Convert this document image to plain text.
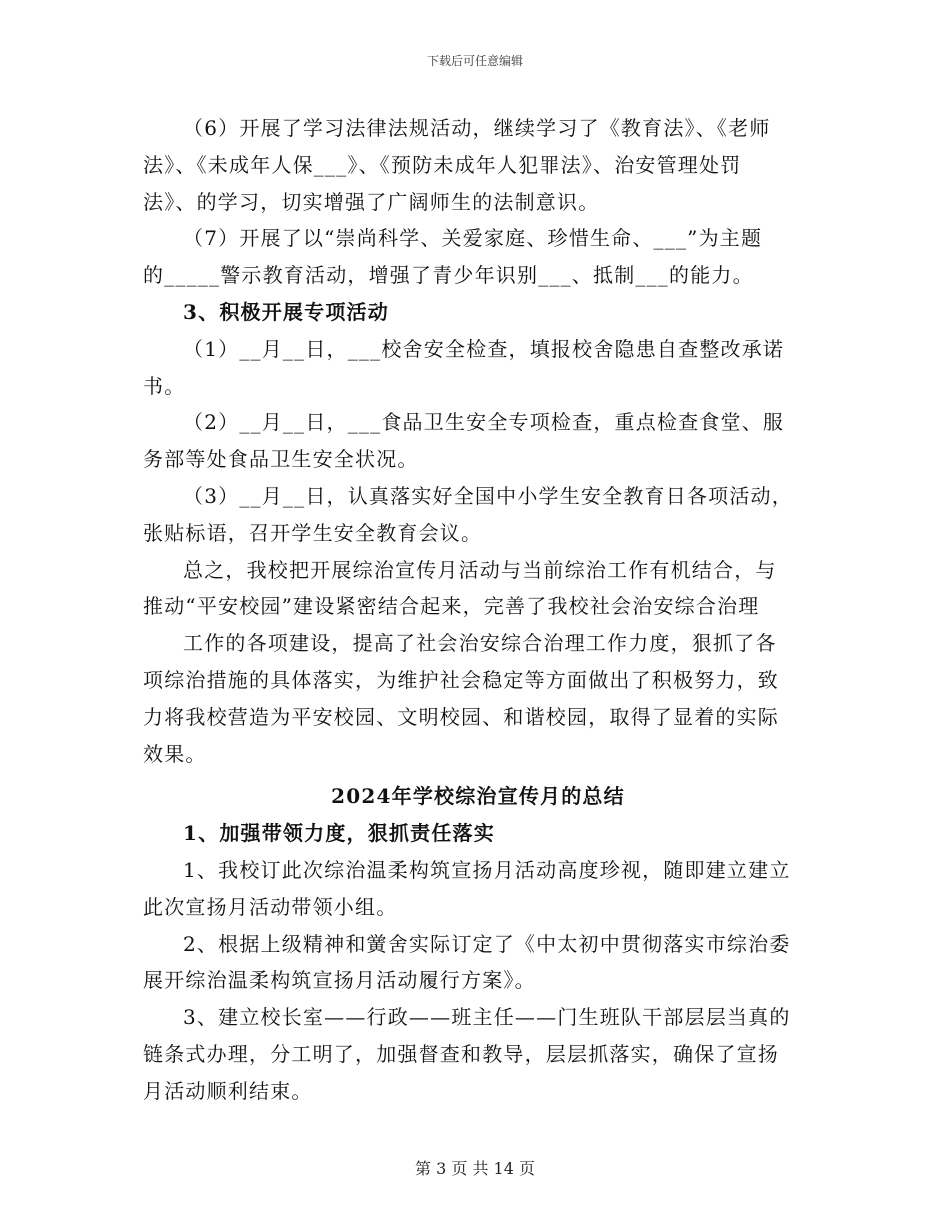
下载后可任意编辑
（6）开展了学习法律法规活动，继续学习了《教育法》、《老师
法》、《未成年人保___》、《预防未成年人犯罪法》、治安管理处罚
法》、的学习，切实增强了广阔师生的法制意识。
（7）开展了以“崇尚科学、关爱家庭、珍惜生命、___”为主题
的_____警示教育活动，增强了青少年识别___、抵制___的能力。
3、积极开展专项活动
（1）__月__日，___校舍安全检查，填报校舍隐患自查整改承诺
书。
（2）__月__日，___食品卫生安全专项检查，重点检查食堂、服
务部等处食品卫生安全状况。
（3）__月__日，认真落实好全国中小学生安全教育日各项活动，
张贴标语，召开学生安全教育会议。
总之，我校把开展综治宣传月活动与当前综治工作有机结合，与
推动“平安校园”建设紧密结合起来，完善了我校社会治安综合治理
工作的各项建设，提高了社会治安综合治理工作力度，狠抓了各
项综治措施的具体落实，为维护社会稳定等方面做出了积极努力，致
力将我校营造为平安校园、文明校园、和谐校园，取得了显着的实际
效果。
2024年学校综治宣传月的总结
1、加强带领力度，狠抓责任落实
1、我校订此次综治温柔构筑宣扬月活动高度珍视，随即建立建立
此次宣扬月活动带领小组。
2、根据上级精神和黉舍实际订定了《中太初中贯彻落实市综治委
展开综治温柔构筑宣扬月活动履行方案》。
3、建立校长室——行政——班主任——门生班队干部层层当真的
链条式办理，分工明了，加强督查和教导，层层抓落实，确保了宣扬
月活动顺利结束。
第 3 页 共 14 页
